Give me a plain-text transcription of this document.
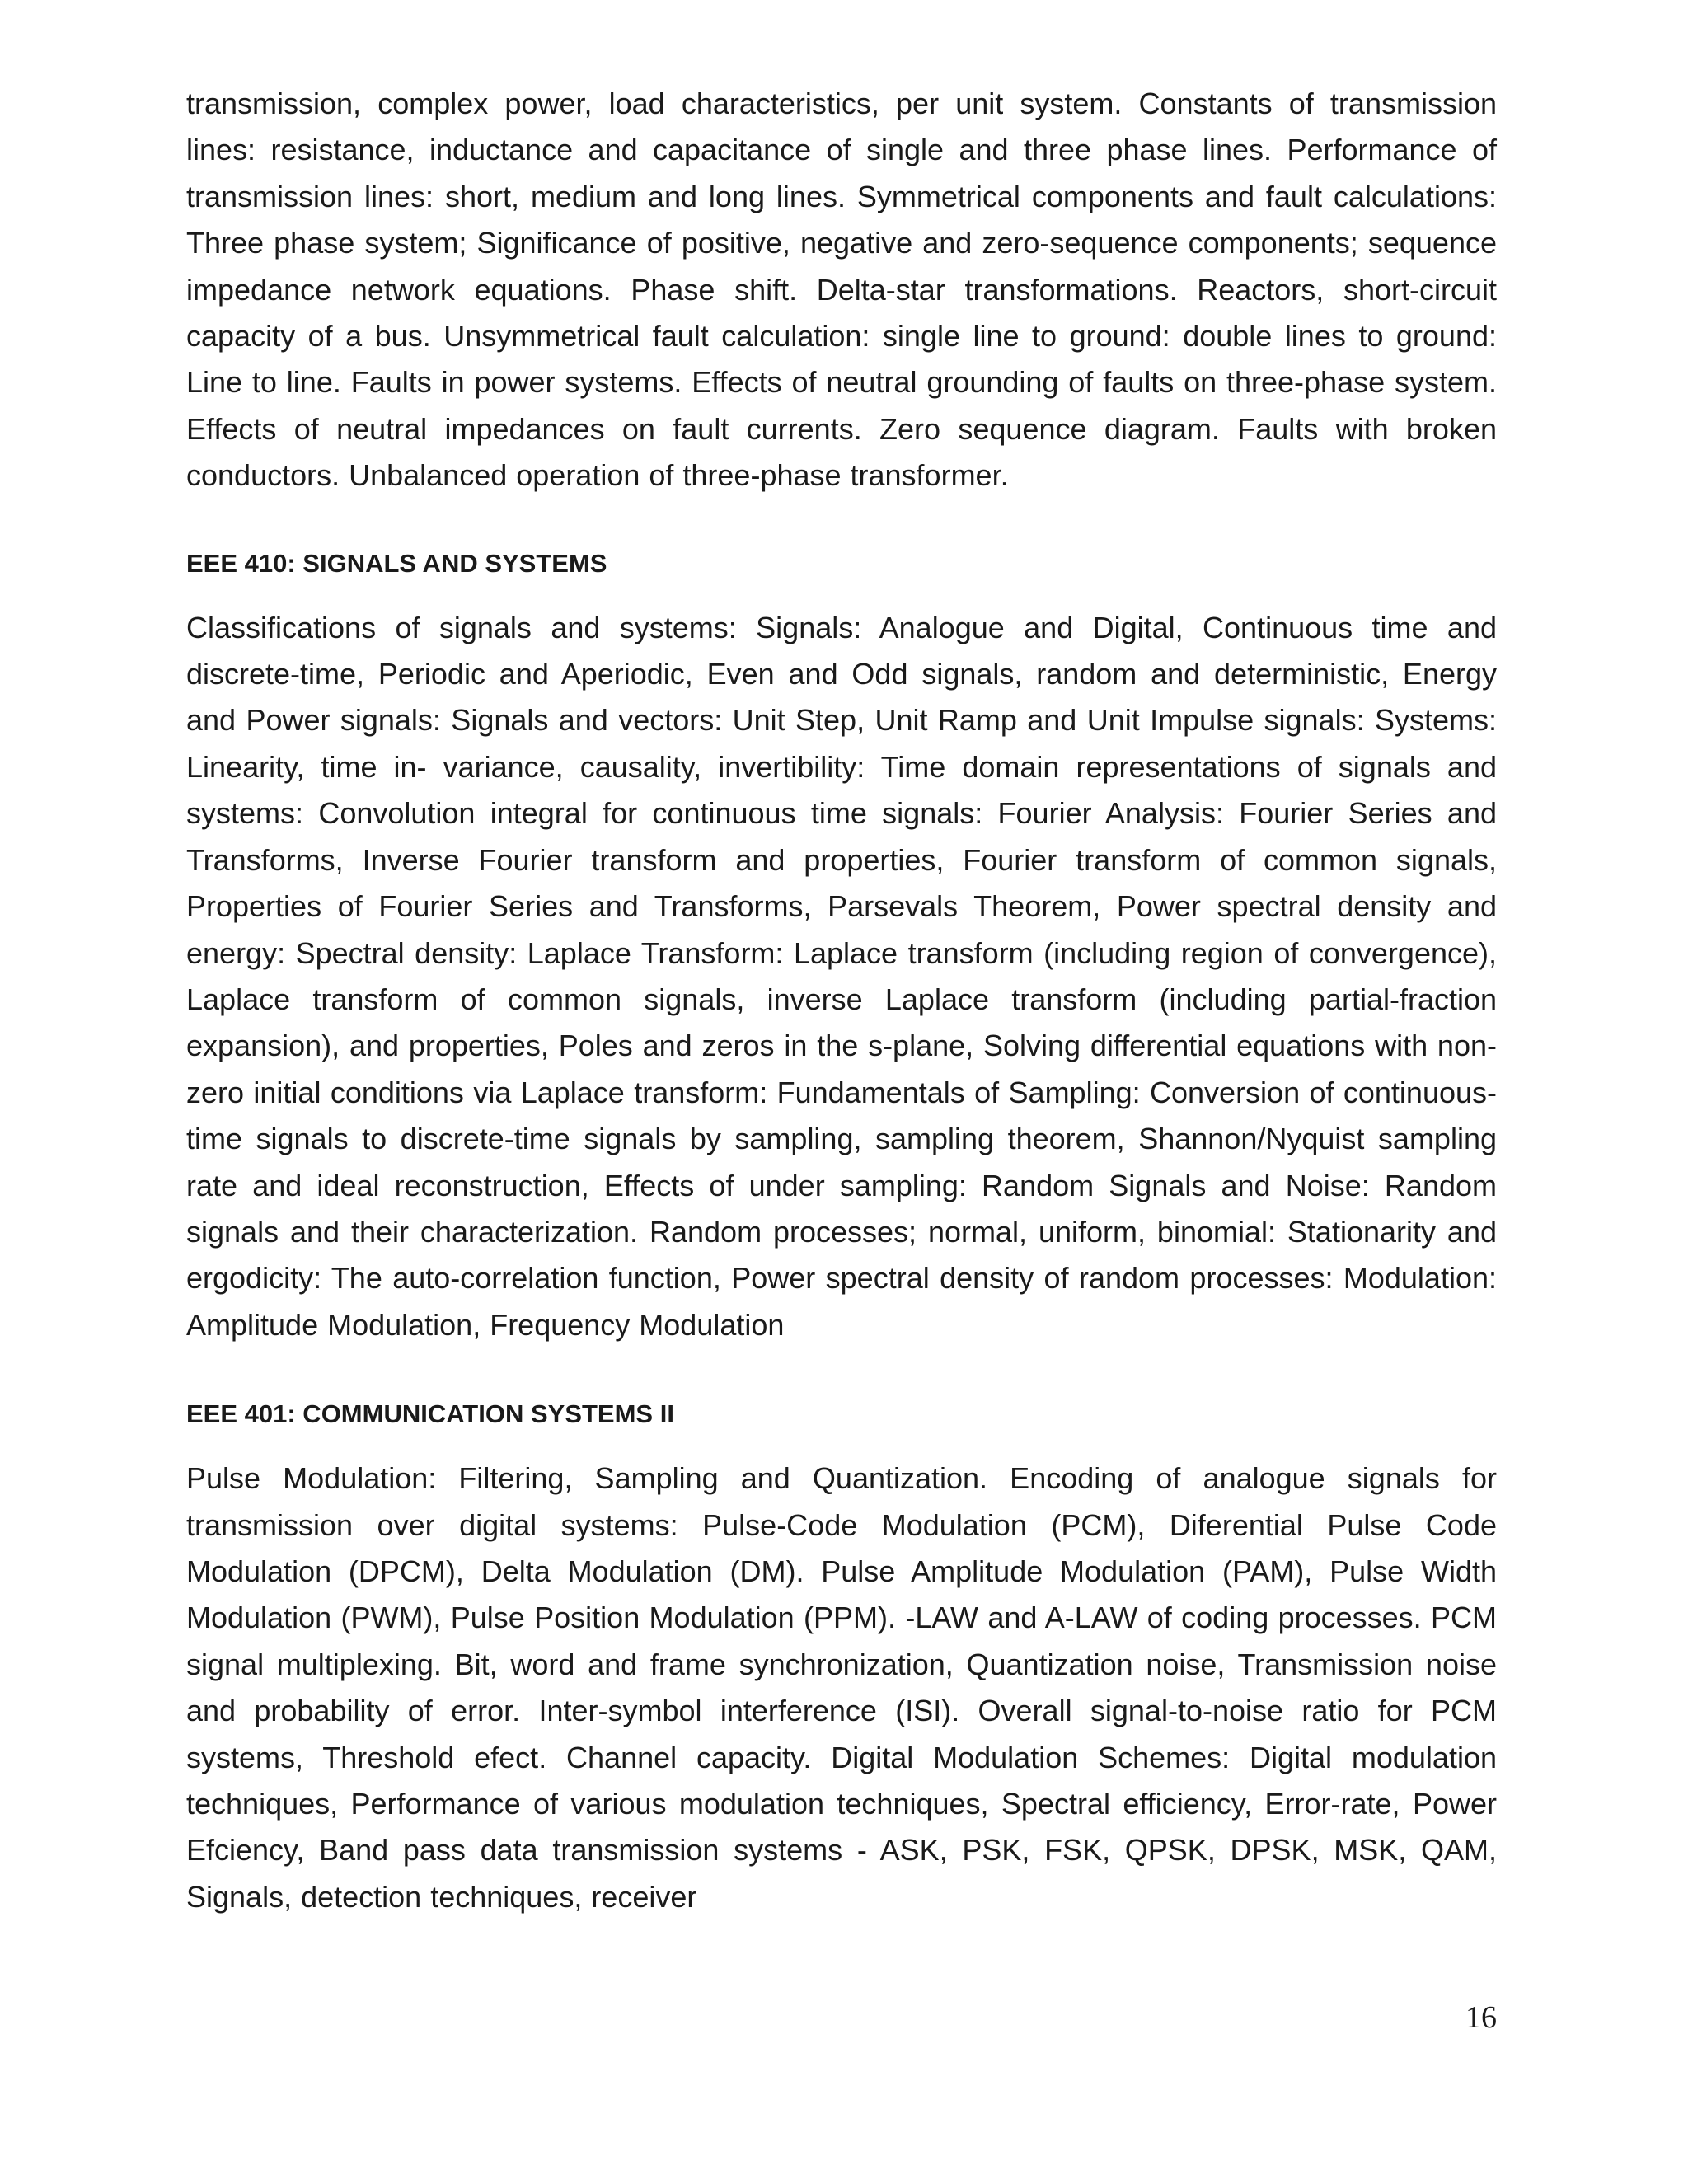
transmission, complex power, load characteristics, per unit system. Constants of transmission lines: resistance, inductance and capacitance of single and three phase lines. Performance of transmission lines: short, medium and long lines. Symmetrical components and fault calculations: Three phase system; Significance of positive, negative and zero-sequence components; sequence impedance network equations. Phase shift. Delta-star transformations. Reactors, short-circuit capacity of a bus. Unsymmetrical fault calculation: single line to ground: double lines to ground: Line to line. Faults in power systems. Effects of neutral grounding of faults on three-phase system. Effects of neutral impedances on fault currents. Zero sequence diagram. Faults with broken conductors. Unbalanced operation of three-phase transformer.

EEE 410: SIGNALS AND SYSTEMS

Classifications of signals and systems: Signals: Analogue and Digital, Continuous time and discrete-time, Periodic and Aperiodic, Even and Odd signals, random and deterministic, Energy and Power signals: Signals and vectors: Unit Step, Unit Ramp and Unit Impulse signals: Systems: Linearity, time in- variance, causality, invertibility: Time domain representations of signals and systems: Convolution integral for continuous time signals: Fourier Analysis: Fourier Series and Transforms, Inverse Fourier transform and properties, Fourier transform of common signals, Properties of Fourier Series and Transforms, Parsevals Theorem, Power spectral density and energy: Spectral density: Laplace Transform: Laplace transform (including region of convergence), Laplace transform of common signals, inverse Laplace transform (including partial-fraction expansion), and properties, Poles and zeros in the s-plane, Solving differential equations with non-zero initial conditions via Laplace transform: Fundamentals of Sampling: Conversion of continuous-time signals to discrete-time signals by sampling, sampling theorem, Shannon/Nyquist sampling rate and ideal reconstruction, Effects of under sampling: Random Signals and Noise: Random signals and their characterization. Random processes; normal, uniform, binomial: Stationarity and ergodicity: The auto-correlation function, Power spectral density of random processes: Modulation: Amplitude Modulation, Frequency Modulation

EEE 401: COMMUNICATION SYSTEMS II

Pulse Modulation: Filtering, Sampling and Quantization. Encoding of analogue signals for transmission over digital systems: Pulse-Code Modulation (PCM), Diferential Pulse Code Modulation (DPCM), Delta Modulation (DM). Pulse Amplitude Modulation (PAM), Pulse Width Modulation (PWM), Pulse Position Modulation (PPM). -LAW and A-LAW of coding processes. PCM signal multiplexing. Bit, word and frame synchronization, Quantization noise, Transmission noise and probability of error. Inter-symbol interference (ISI). Overall signal-to-noise ratio for PCM systems, Threshold efect. Channel capacity. Digital Modulation Schemes: Digital modulation techniques, Performance of various modulation techniques, Spectral efficiency, Error-rate, Power Efciency, Band pass data transmission systems - ASK, PSK, FSK, QPSK, DPSK, MSK, QAM, Signals, detection techniques, receiver

16
